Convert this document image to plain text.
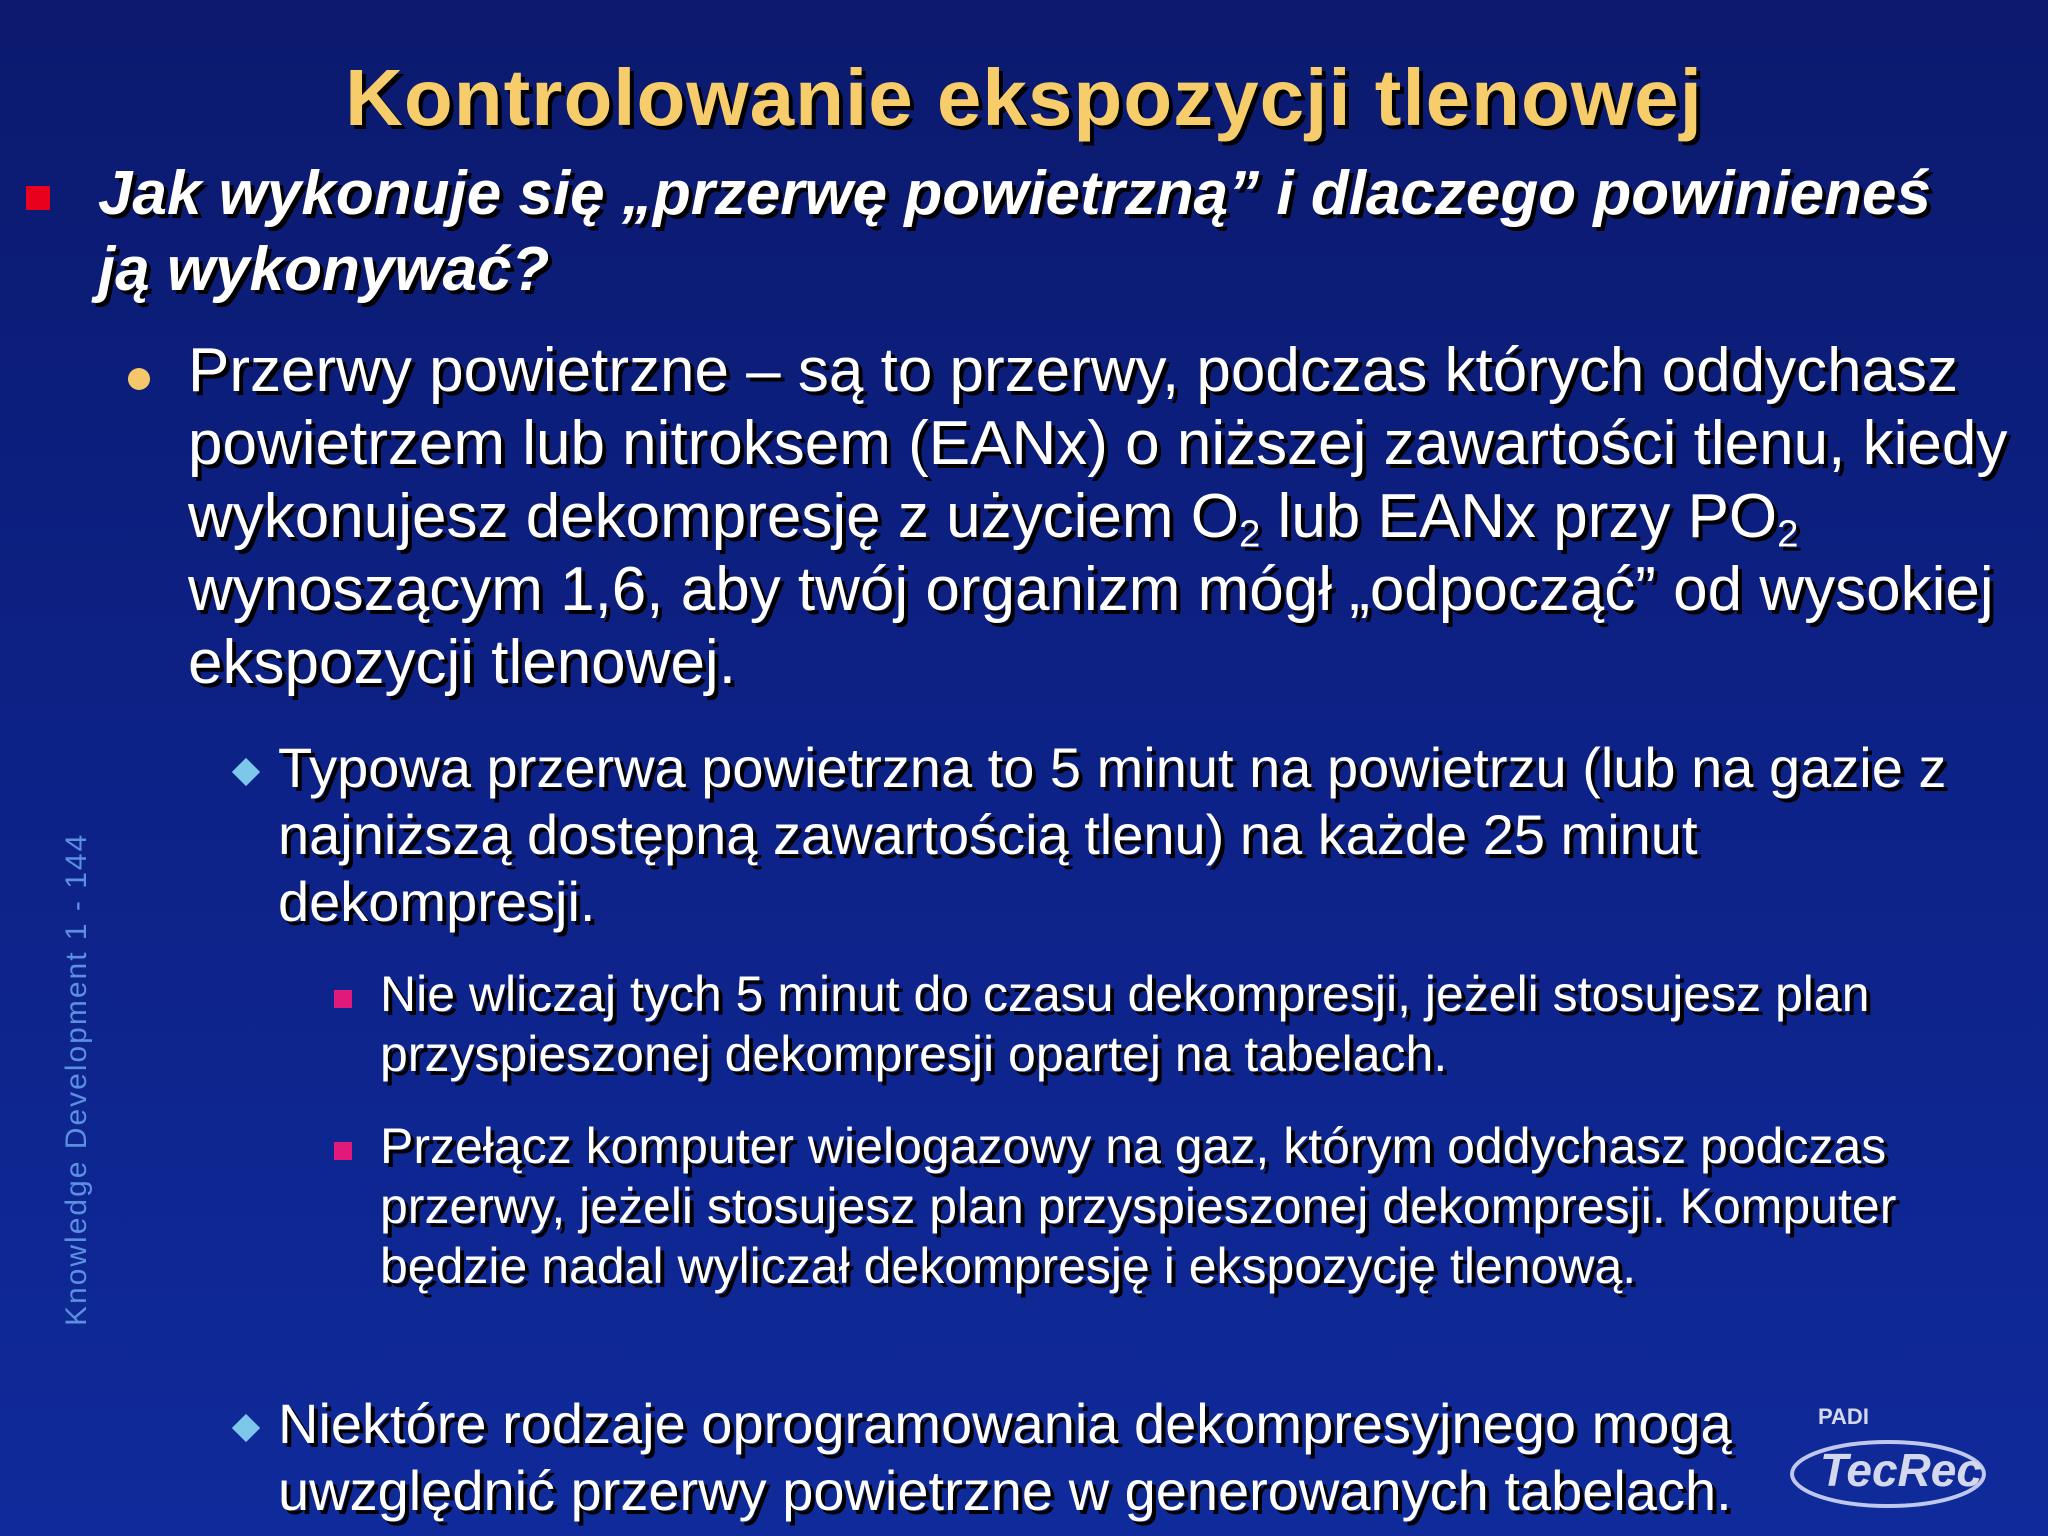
Kontrolowanie ekspozycji tlenowej
Jak wykonuje się „przerwę powietrzną” i dlaczego powinieneś ją wykonywać?
Przerwy powietrzne – są to przerwy, podczas których oddychasz powietrzem lub nitroksem (EANx) o niższej zawartości tlenu, kiedy wykonujesz dekompresję z użyciem $O_2$ lub EANx przy $PO_2$ wynoszącym 1,6, aby twój organizm mógł „odpocząć” od wysokiej ekspozycji tlenowej.
Typowa przerwa powietrzna to 5 minut na powietrzu (lub na gazie z najniższą dostępną zawartością tlenu) na każde 25 minut dekompresji.
Nie wliczaj tych 5 minut do czasu dekompresji, jeżeli stosujesz plan przyspieszonej dekompresji opartej na tabelach.
Przełącz komputer wielogazowy na gaz, którym oddychasz podczas przerwy, jeżeli stosujesz plan przyspieszonej dekompresji. Komputer będzie nadal wyliczał dekompresję i ekspozycję tlenową.
Niektóre rodzaje oprogramowania dekompresyjnego mogą uwzględnić przerwy powietrzne w generowanych tabelach.
Knowledge Development 1 - 144
PADI
TecRec
